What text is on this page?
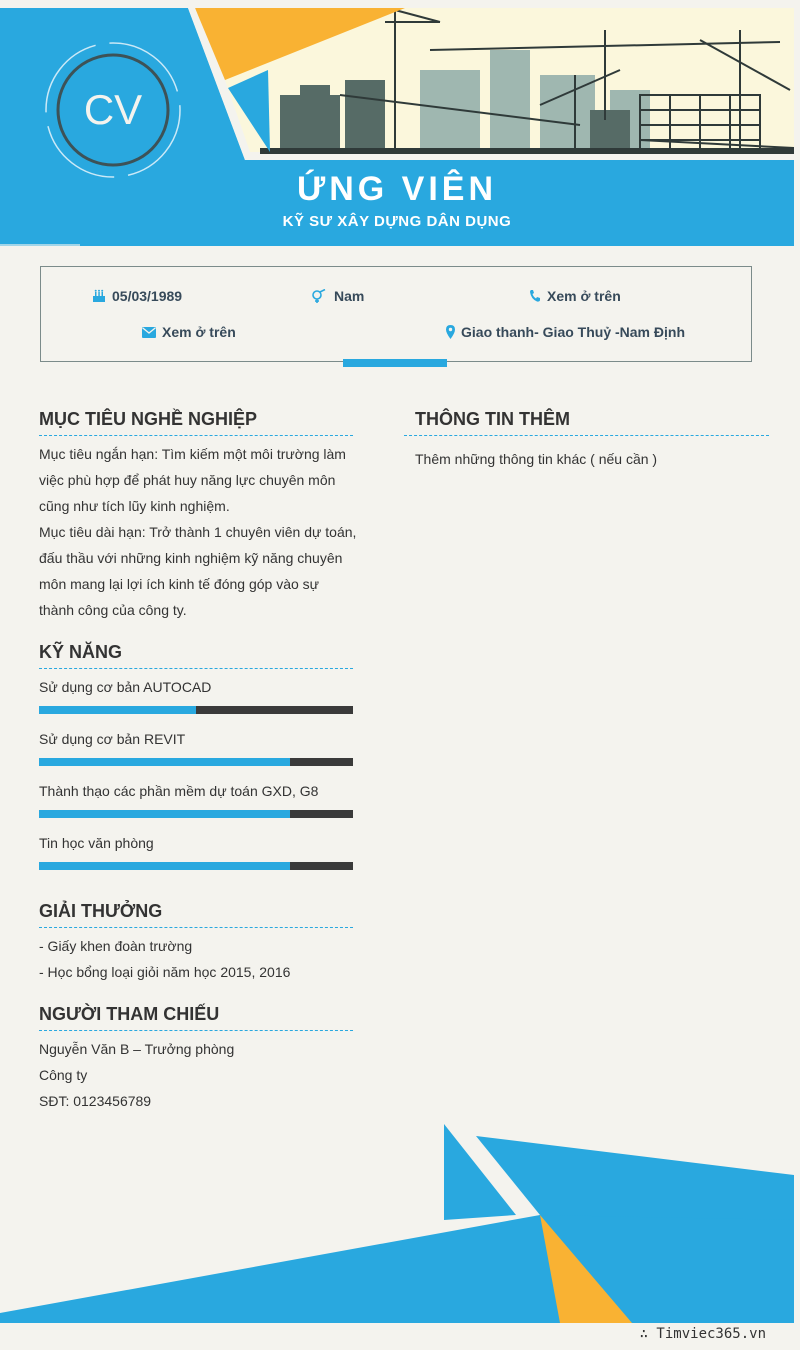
CV
ỨNG VIÊN
KỸ SƯ XÂY DỰNG DÂN DỤNG
05/03/1989	Nam	Xem ở trên
Xem ở trên	Giao thanh- Giao Thuỷ -Nam Định
MỤC TIÊU NGHỀ NGHIỆP
Mục tiêu ngắn hạn: Tìm kiếm một môi trường làm
việc phù hợp để phát huy năng lực chuyên môn
cũng như tích lũy kinh nghiệm.
Mục tiêu dài hạn: Trở thành 1 chuyên viên dự toán,
đấu thầu với những kinh nghiệm kỹ năng chuyên
môn mang lại lợi ích kinh tế đóng góp vào sự
thành công của công ty.
KỸ NĂNG
Sử dụng cơ bản AUTOCAD
Sử dụng cơ bản REVIT
Thành thạo các phần mềm dự toán GXD, G8
Tin học văn phòng
GIẢI THƯỞNG
- Giấy khen đoàn trường
- Học bổng loại giỏi năm học 2015, 2016
NGƯỜI THAM CHIẾU
Nguyễn Văn B – Trưởng phòng
Công ty
SĐT: 0123456789
THÔNG TIN THÊM
Thêm những thông tin khác ( nếu cần )
∴ Timviec365.vn
